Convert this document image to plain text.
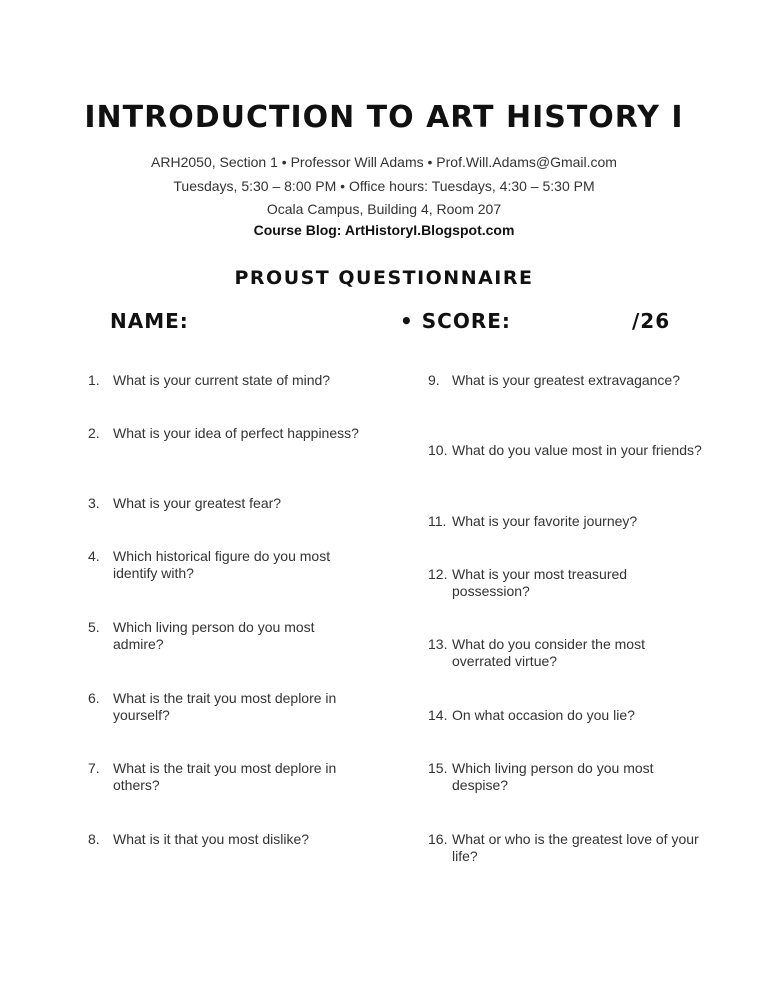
INTRODUCTION TO ART HISTORY I
ARH2050, Section 1 • Professor Will Adams • Prof.Will.Adams@Gmail.com
Tuesdays, 5:30 – 8:00 PM • Office hours: Tuesdays, 4:30 – 5:30 PM
Ocala Campus, Building 4, Room 207
Course Blog: ArtHistoryI.Blogspot.com
PROUST QUESTIONNAIRE
NAME:	• SCORE:	/26
1. What is your current state of mind?
2. What is your idea of perfect happiness?
3. What is your greatest fear?
4. Which historical figure do you most identify with?
5. Which living person do you most admire?
6. What is the trait you most deplore in yourself?
7. What is the trait you most deplore in others?
8. What is it that you most dislike?
9. What is your greatest extravagance?
10. What do you value most in your friends?
11. What is your favorite journey?
12. What is your most treasured possession?
13. What do you consider the most overrated virtue?
14. On what occasion do you lie?
15. Which living person do you most despise?
16. What or who is the greatest love of your life?
